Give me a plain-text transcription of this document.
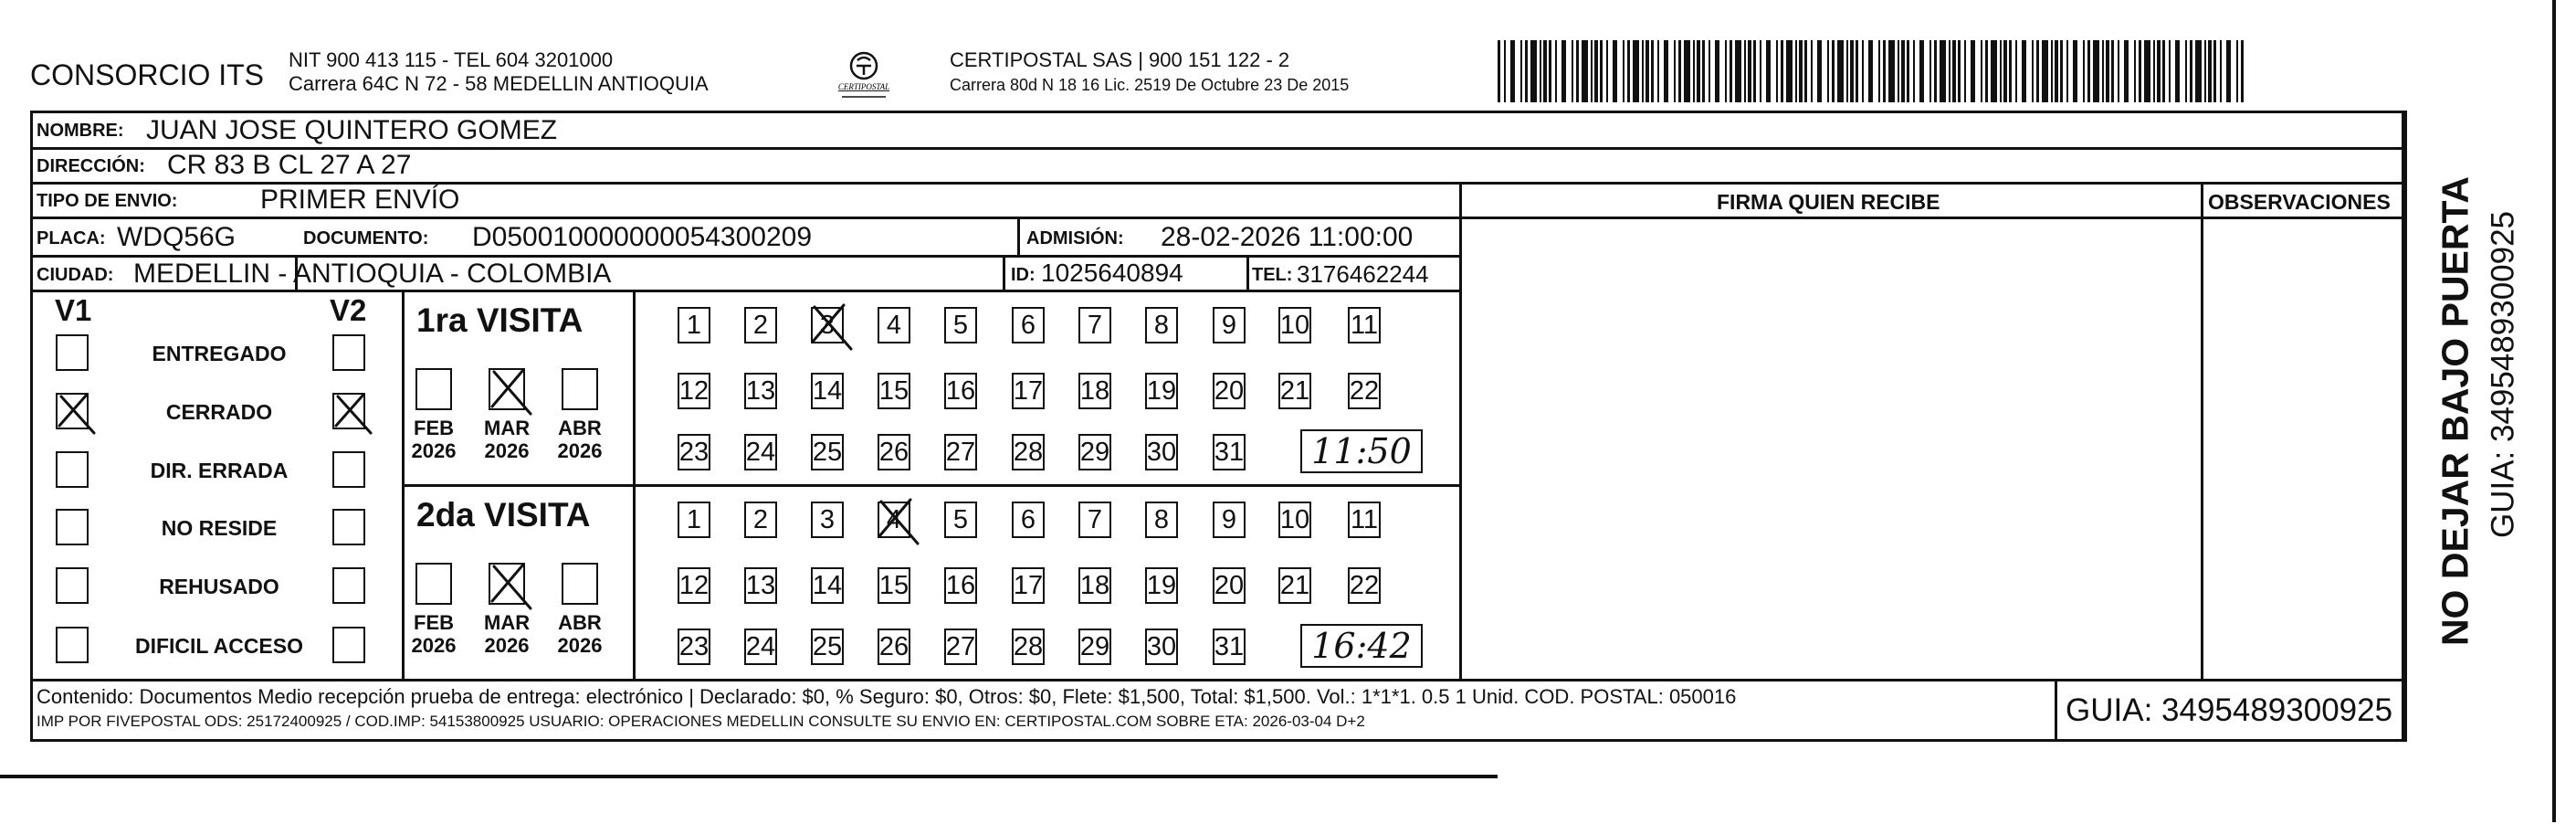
CONSORCIO ITS NIT 900 413 115 - TEL 604 3201000
Carrera 64C N 72 - 58 MEDELLIN ANTIOQUIA	CERTIPOSTAL
CERTIPOSTAL SAS | 900 151 122 - 2
Carrera 80d N 18 16 Lic. 2519 De Octubre 23 De 2015
NOMBRE: JUAN JOSE QUINTERO GOMEZ
DIRECCIÓN: CR 83 B CL 27 A 27
TIPO DE ENVIO:	PRIMER ENVÍO	FIRMA QUIEN RECIBE	OBSERVACIONES
PLACA: WDQ56G	DOCUMENTO: D050010000000054300209	ADMISIÓN: 28-02-2026 11:00:00
CIUDAD: MEDELLIN - ANTIOQUIA - COLOMBIA	ID: 1025640894	TEL: 3176462244
V1	V2
ENTREGADO
CERRADO
DIR. ERRADA
NO RESIDE
REHUSADO
DIFICIL ACCESO
1ra VISITA
FEB
2026
MAR
2026
ABR
2026
1	2	3	4	5	6	7	8	9	10 11
12 13 14 15 16 17 18 19 20 21 22
23 24 25 26 27 28 29 30 31	11:50
2da VISITA
FEB
2026
MAR
2026
ABR
2026
1	2	3	4	5	6	7	8	9	10 11
12 13 14 15 16 17 18 19 20 21 22
23 24 25 26 27 28 29 30 31	16:42
Contenido: Documentos Medio recepción prueba de entrega: electrónico | Declarado: $0, % Seguro: $0, Otros: $0, Flete: $1,500, Total: $1,500. Vol.: 1*1*1. 0.5 1 Unid. COD. POSTAL: 050016
IMP POR FIVEPOSTAL ODS: 25172400925 / COD.IMP: 54153800925 USUARIO: OPERACIONES MEDELLIN CONSULTE SU ENVIO EN: CERTIPOSTAL.COM SOBRE ETA: 2026-03-04 D+2	GUIA: 3495489300925
NO DEJAR BAJO PUERTA GUIA: 3495489300925
